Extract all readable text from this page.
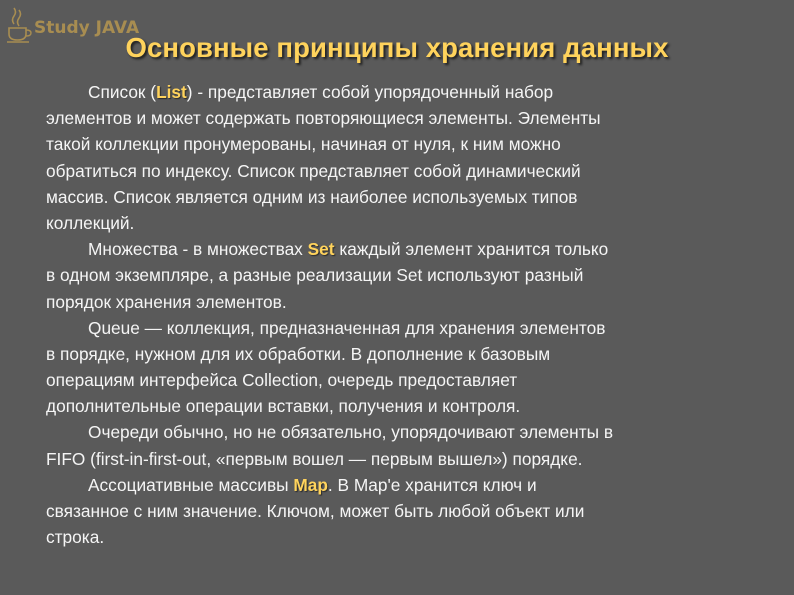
Study JAVA
Основные принципы хранения данных
Список (List) - представляет собой упорядоченный набор
элементов и может содержать повторяющиеся элементы. Элементы
такой коллекции пронумерованы, начиная от нуля, к ним можно
обратиться по индексу. Список представляет собой динамический
массив. Список является одним из наиболее используемых типов
коллекций.
Множества - в множествах Set каждый элемент хранится только
в одном экземпляре, а разные реализации Set используют разный
порядок хранения элементов.
Queue — коллекция, предназначенная для хранения элементов
в порядке, нужном для их обработки. В дополнение к базовым
операциям интерфейса Collection, очередь предоставляет
дополнительные операции вставки, получения и контроля.
Очереди обычно, но не обязательно, упорядочивают элементы в
FIFO (first-in-first-out, «первым вошел — первым вышел») порядке.
Ассоциативные массивы Map. В Map'е хранится ключ и
связанное с ним значение. Ключом, может быть любой объект или
строка.
